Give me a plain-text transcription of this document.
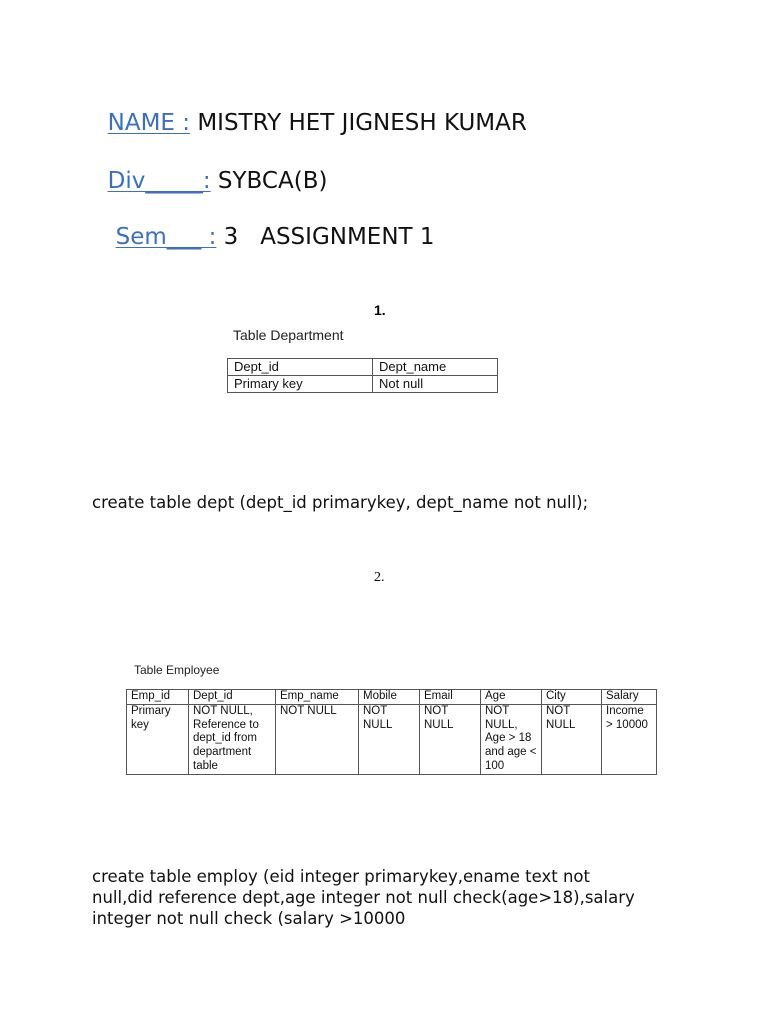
NAME : MISTRY HET JIGNESH KUMAR

Div_____: SYBCA(B)

Sem___ : 3   ASSIGNMENT 1

1.
Table Department
Dept_id	Dept_name
Primary key	Not null
create table dept (dept_id primarykey, dept_name not null);
2.
Table Employee
Emp_id	Dept_id	Emp_name	Mobile	Email	Age	City	Salary
Primary key	NOT NULL, Reference to dept_id from department table	NOT NULL	NOT NULL	NOT NULL	NOT NULL, Age > 18 and age < 100	NOT NULL	Income > 10000
create table employ (eid integer primarykey,ename text not null,did reference dept,age integer not null check(age>18),salary integer not null check (salary >10000
